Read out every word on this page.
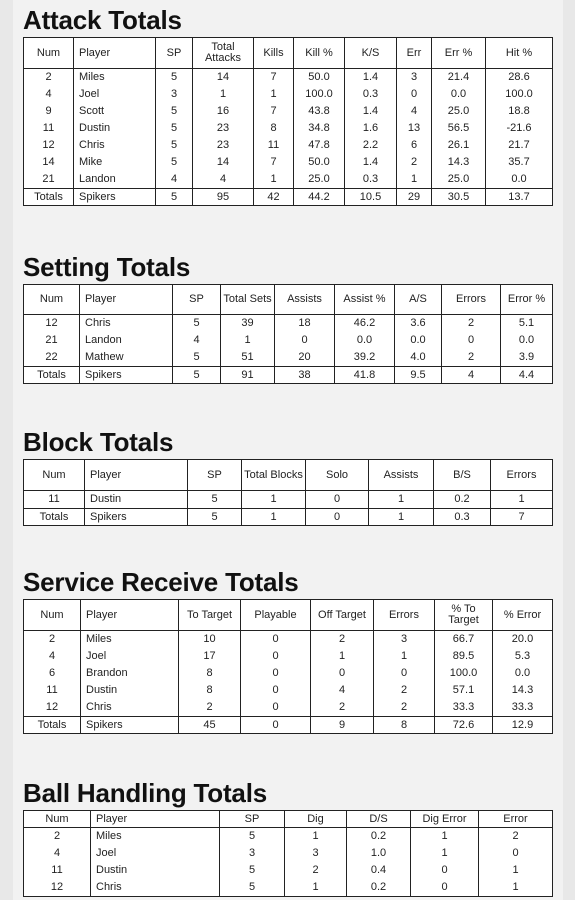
Attack Totals
Num	Player	SP	Total Attacks	Kills	Kill %	K/S	Err	Err %	Hit %
2	Miles	5	14	7	50.0	1.4	3	21.4	28.6
4	Joel	3	1	1	100.0	0.3	0	0.0	100.0
9	Scott	5	16	7	43.8	1.4	4	25.0	18.8
11	Dustin	5	23	8	34.8	1.6	13	56.5	-21.6
12	Chris	5	23	11	47.8	2.2	6	26.1	21.7
14	Mike	5	14	7	50.0	1.4	2	14.3	35.7
21	Landon	4	4	1	25.0	0.3	1	25.0	0.0
Totals	Spikers	5	95	42	44.2	10.5	29	30.5	13.7
Setting Totals
Num	Player	SP	Total Sets	Assists	Assist %	A/S	Errors	Error %
12	Chris	5	39	18	46.2	3.6	2	5.1
21	Landon	4	1	0	0.0	0.0	0	0.0
22	Mathew	5	51	20	39.2	4.0	2	3.9
Totals	Spikers	5	91	38	41.8	9.5	4	4.4
Block Totals
Num	Player	SP	Total Blocks	Solo	Assists	B/S	Errors
11	Dustin	5	1	0	1	0.2	1
Totals	Spikers	5	1	0	1	0.3	7
Service Receive Totals
Num	Player	To Target	Playable	Off Target	Errors	% To Target	% Error
2	Miles	10	0	2	3	66.7	20.0
4	Joel	17	0	1	1	89.5	5.3
6	Brandon	8	0	0	0	100.0	0.0
11	Dustin	8	0	4	2	57.1	14.3
12	Chris	2	0	2	2	33.3	33.3
Totals	Spikers	45	0	9	8	72.6	12.9
Ball Handling Totals
Num	Player	SP	Dig	D/S	Dig Error	Error
2	Miles	5	1	0.2	1	2
4	Joel	3	3	1.0	1	0
11	Dustin	5	2	0.4	0	1
12	Chris	5	1	0.2	0	1
